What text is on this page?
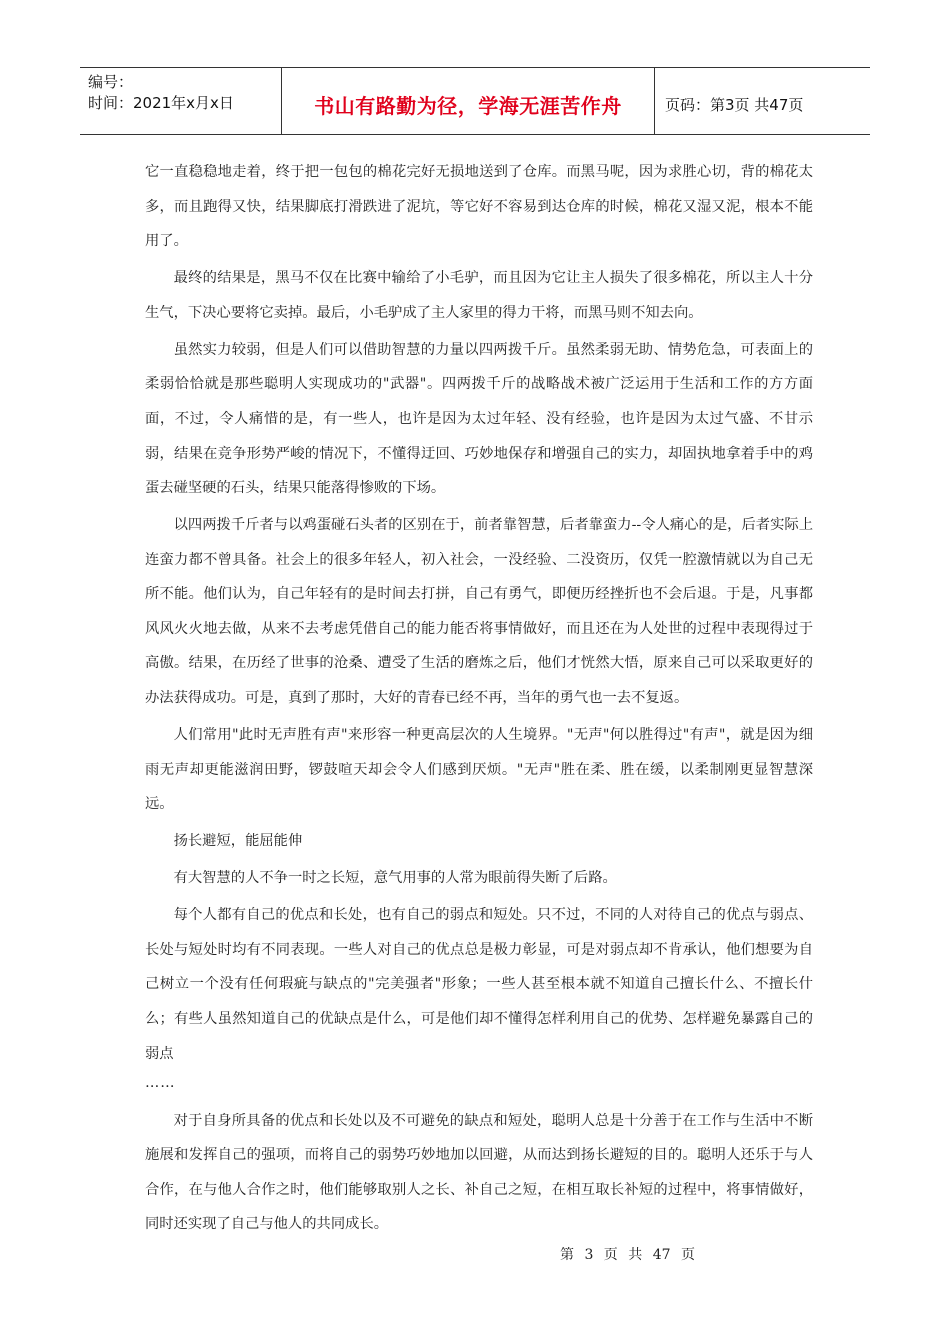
编号：
时间：2021年x月x日	书山有路勤为径，学海无涯苦作舟	页码：第3页 共47页

它一直稳稳地走着，终于把一包包的棉花完好无损地送到了仓库。而黑马呢，因为求胜心切，背的棉花太多，而且跑得又快，结果脚底打滑跌进了泥坑，等它好不容易到达仓库的时候，棉花又湿又泥，根本不能用了。

最终的结果是，黑马不仅在比赛中输给了小毛驴，而且因为它让主人损失了很多棉花，所以主人十分生气，下决心要将它卖掉。最后，小毛驴成了主人家里的得力干将，而黑马则不知去向。

虽然实力较弱，但是人们可以借助智慧的力量以四两拨千斤。虽然柔弱无助、情势危急，可表面上的柔弱恰恰就是那些聪明人实现成功的"武器"。四两拨千斤的战略战术被广泛运用于生活和工作的方方面面，不过，令人痛惜的是，有一些人，也许是因为太过年轻、没有经验，也许是因为太过气盛、不甘示弱，结果在竞争形势严峻的情况下，不懂得迂回、巧妙地保存和增强自己的实力，却固执地拿着手中的鸡蛋去碰坚硬的石头，结果只能落得惨败的下场。

以四两拨千斤者与以鸡蛋碰石头者的区别在于，前者靠智慧，后者靠蛮力--令人痛心的是，后者实际上连蛮力都不曾具备。社会上的很多年轻人，初入社会，一没经验、二没资历，仅凭一腔激情就以为自己无所不能。他们认为，自己年轻有的是时间去打拼，自己有勇气，即便历经挫折也不会后退。于是，凡事都风风火火地去做，从来不去考虑凭借自己的能力能否将事情做好，而且还在为人处世的过程中表现得过于高傲。结果，在历经了世事的沧桑、遭受了生活的磨炼之后，他们才恍然大悟，原来自己可以采取更好的办法获得成功。可是，真到了那时，大好的青春已经不再，当年的勇气也一去不复返。

人们常用"此时无声胜有声"来形容一种更高层次的人生境界。"无声"何以胜得过"有声"，就是因为细雨无声却更能滋润田野，锣鼓喧天却会令人们感到厌烦。"无声"胜在柔、胜在缓，以柔制刚更显智慧深远。

扬长避短，能屈能伸

有大智慧的人不争一时之长短，意气用事的人常为眼前得失断了后路。

每个人都有自己的优点和长处，也有自己的弱点和短处。只不过，不同的人对待自己的优点与弱点、长处与短处时均有不同表现。一些人对自己的优点总是极力彰显，可是对弱点却不肯承认，他们想要为自己树立一个没有任何瑕疵与缺点的"完美强者"形象；一些人甚至根本就不知道自己擅长什么、不擅长什么；有些人虽然知道自己的优缺点是什么，可是他们却不懂得怎样利用自己的优势、怎样避免暴露自己的弱点

……

对于自身所具备的优点和长处以及不可避免的缺点和短处，聪明人总是十分善于在工作与生活中不断施展和发挥自己的强项，而将自己的弱势巧妙地加以回避，从而达到扬长避短的目的。聪明人还乐于与人合作，在与他人合作之时，他们能够取别人之长、补自己之短，在相互取长补短的过程中，将事情做好，同时还实现了自己与他人的共同成长。

第 3 页 共 47 页
